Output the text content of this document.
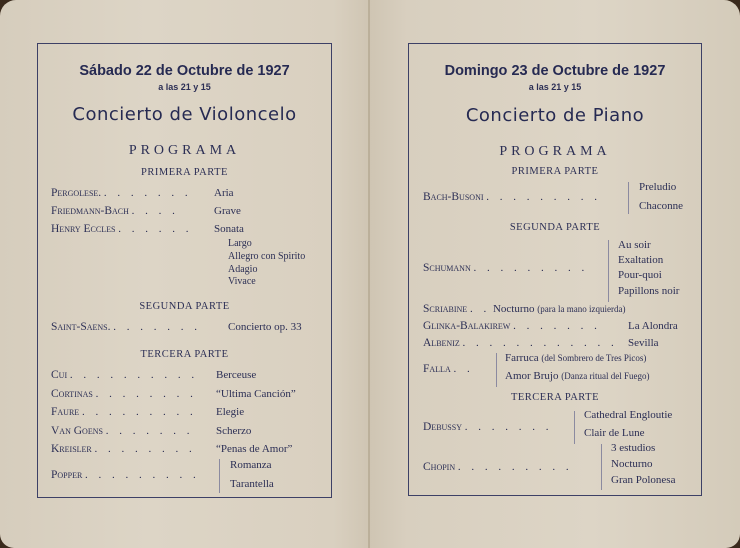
Sábado 22 de Octubre de 1927
a las 21 y 15
Concierto de Violoncelo
PROGRAMA
PRIMERA PARTE
Pergolese. . . . . . . . Aria
Friedmann-Bach . . . .	Grave
Henry Eccles . . . . . . Sonata
Largo
Allegro con Spirito
Adagio
Vivace
SEGUNDA PARTE
Saint-Saens. . . . . . . . Concierto op. 33
TERCERA PARTE
Cui . . . . . . . . . . Berceuse
Cortinas . . . . . . . . “Ultima Canción”
Faure . . . . . . . . . Elegie
Van Goens . . . . . . . Scherzo
Kreisler . . . . . . . . “Penas de Amor”
Popper . . . . . . . . .
Romanza
Tarantella
Domingo 23 de Octubre de 1927
a las 21 y 15
Concierto de Piano
PROGRAMA
PRIMERA PARTE
Bach-Busoni . . . . . . . . .
Preludio
Chaconne
SEGUNDA PARTE
Schumann . . . . . . . . .
Au soir
Exaltation
Pour-quoi
Papillons noir
Scriabine . . Nocturno (para la mano izquierda)
Glinka-Balakirew . . . . . . . La Alondra
Albeniz . . . . . . . . . . . . Sevilla
Falla . .
Farruca (del Sombrero de Tres Picos)
Amor Brujo (Danza ritual del Fuego)
TERCERA PARTE
Debussy . . . . . . .
Cathedral Engloutie
Clair de Lune
Chopin . . . . . . . . .
3 estudios
Nocturno
Gran Polonesa
